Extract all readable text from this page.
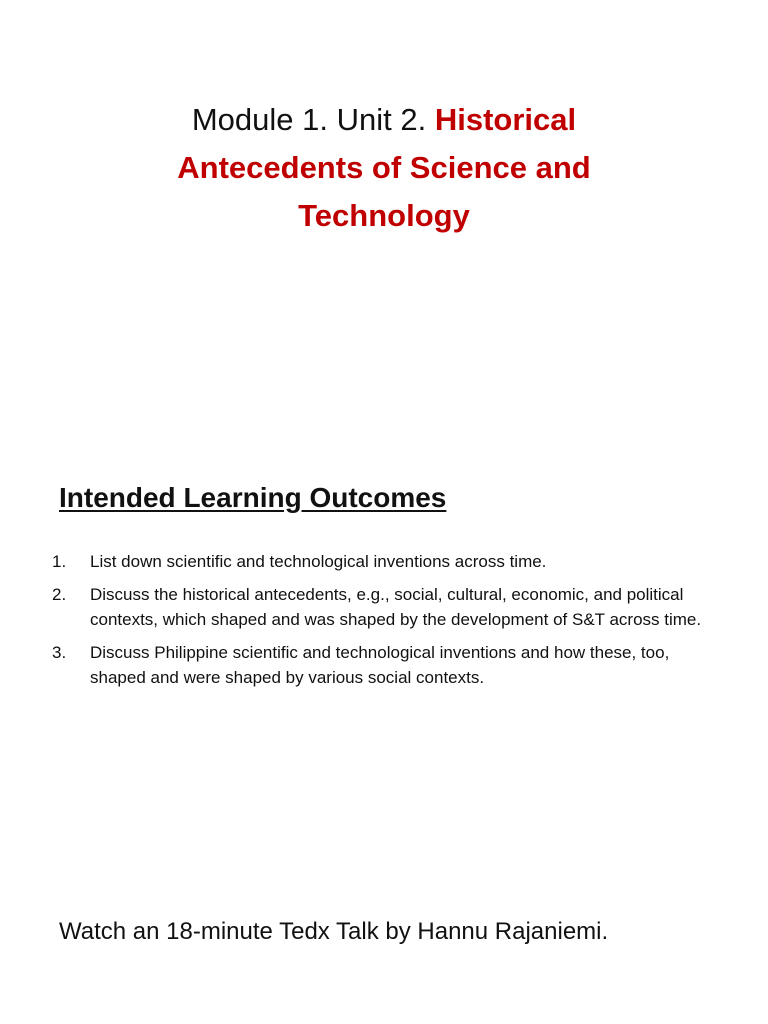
Module 1. Unit 2. Historical Antecedents of Science and Technology
Intended Learning Outcomes
1.	List down scientific and technological inventions across time.
2.	Discuss the historical antecedents, e.g., social, cultural, economic, and political contexts, which shaped and was shaped by the development of S&T across time.
3.	Discuss Philippine scientific and technological inventions and how these, too, shaped and were shaped by various social contexts.

Watch an 18-minute Tedx Talk by Hannu Rajaniemi.
